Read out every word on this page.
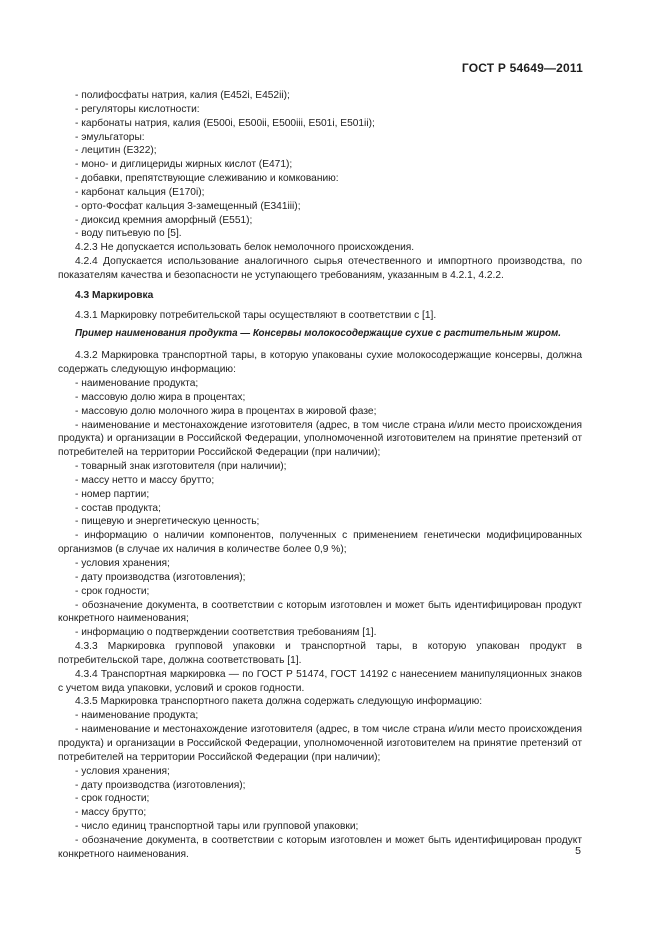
ГОСТ Р 54649—2011

- полифосфаты натрия, калия (Е452i, Е452ii);

- регуляторы кислотности:

- карбонаты натрия, калия (Е500i, Е500ii, Е500iii, Е501i, Е501ii);

- эмульгаторы:

- лецитин (Е322);

- моно- и диглицериды жирных кислот (Е471);

- добавки, препятствующие слеживанию и комкованию:

- карбонат кальция (Е170i);

- орто-Фосфат кальция 3-замещенный (Е341iii);

- диоксид кремния аморфный (Е551);

- воду питьевую по [5].

4.2.3 Не допускается использовать белок немолочного происхождения.

4.2.4 Допускается использование аналогичного сырья отечественного и импортного производства, по показателям качества и безопасности не уступающего требованиям, указанным в 4.2.1, 4.2.2.

4.3 Маркировка

4.3.1 Маркировку потребительской тары осуществляют в соответствии с [1].

Пример наименования продукта — Консервы молокосодержащие сухие с растительным жиром.

4.3.2 Маркировка транспортной тары, в которую упакованы сухие молокосодержащие консервы, должна содержать следующую информацию:

- наименование продукта;

- массовую долю жира в процентах;

- массовую долю молочного жира в процентах в жировой фазе;

- наименование и местонахождение изготовителя (адрес, в том числе страна и/или место происхождения продукта) и организации в Российской Федерации, уполномоченной изготовителем на принятие претензий от потребителей на территории Российской Федерации (при наличии);

- товарный знак изготовителя (при наличии);

- массу нетто и массу брутто;

- номер партии;

- состав продукта;

- пищевую и энергетическую ценность;

- информацию о наличии компонентов, полученных с применением генетически модифицированных организмов (в случае их наличия в количестве более 0,9 %);

- условия хранения;

- дату производства (изготовления);

- срок годности;

- обозначение документа, в соответствии с которым изготовлен и может быть идентифицирован продукт конкретного наименования;

- информацию о подтверждении соответствия требованиям [1].

4.3.3 Маркировка групповой упаковки и транспортной тары, в которую упакован продукт в потребительской таре, должна соответствовать [1].

4.3.4 Транспортная маркировка — по ГОСТ Р 51474, ГОСТ 14192 с нанесением манипуляционных знаков с учетом вида упаковки, условий и сроков годности.

4.3.5 Маркировка транспортного пакета должна содержать следующую информацию:

- наименование продукта;

- наименование и местонахождение изготовителя (адрес, в том числе страна и/или место происхождения продукта) и организации в Российской Федерации, уполномоченной изготовителем на принятие претензий от потребителей на территории Российской Федерации (при наличии);

- условия хранения;

- дату производства (изготовления);

- срок годности;

- массу брутто;

- число единиц транспортной тары или групповой упаковки;

- обозначение документа, в соответствии с которым изготовлен и может быть идентифицирован продукт конкретного наименования.	5
